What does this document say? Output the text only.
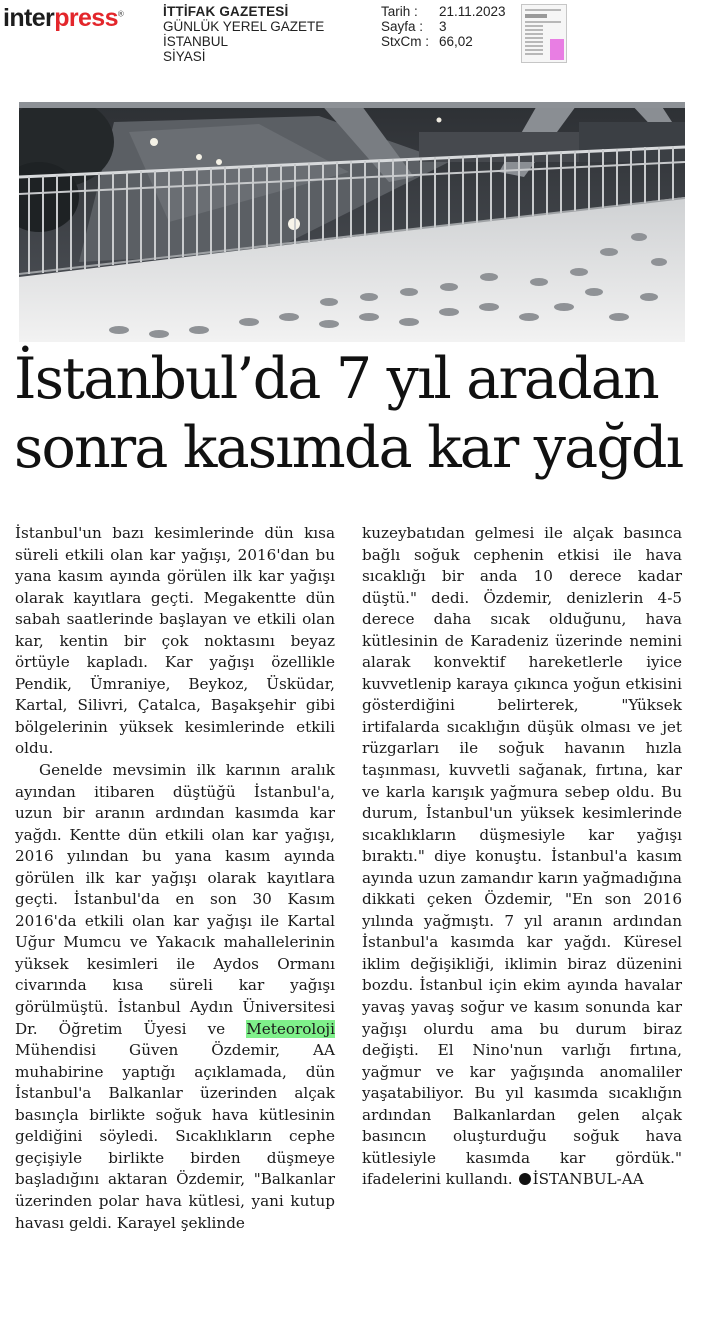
interpress®	İTTİFAK GAZETESİ
GÜNLÜK YEREL GAZETE
İSTANBUL
SİYASİ
Tarih :	21.11.2023
Sayfa :	3
StxCm : 66,02
İstanbul’da 7 yıl aradan
sonra kasımda kar yağdı

İstanbul'un bazı kesimlerinde dün kısa süreli etkili olan kar yağışı, 2016'dan bu yana kasım ayında görülen ilk kar yağışı olarak kayıtlara geçti. Megakentte dün sabah saatlerinde başlayan ve etkili olan kar, kentin bir çok noktasını beyaz örtüyle kapladı. Kar yağışı özellikle Pendik, Ümraniye, Beykoz, Üsküdar, Kartal, Silivri, Çatalca, Başakşehir gibi bölgelerinin yüksek kesimlerinde etkili oldu.

Genelde mevsimin ilk karının aralık ayından itibaren düştüğü İstanbul'a, uzun bir aranın ardından kasımda kar yağdı. Kentte dün etkili olan kar yağışı, 2016 yılından bu yana kasım ayında görülen ilk kar yağışı olarak kayıtlara geçti. İstanbul'da en son 30 Kasım 2016'da etkili olan kar yağışı ile Kartal Uğur Mumcu ve Yakacık mahallelerinin yüksek kesimleri ile Aydos Ormanı civarında kısa süreli kar yağışı görülmüştü. İstanbul Aydın Üniversitesi Dr. Öğretim Üyesi ve Meteoroloji Mühendisi Güven Özdemir, AA muhabirine yaptığı açıklamada, dün İstanbul'a Balkanlar üzerinden alçak basınçla birlikte soğuk hava kütlesinin geldiğini söyledi. Sıcaklıkların cephe geçişiyle birlikte birden düşmeye başladığını aktaran Özdemir, "Balkanlar üzerinden polar hava kütlesi, yani kutup havası geldi. Karayel şeklinde

kuzeybatıdan gelmesi ile alçak basınca bağlı soğuk cephenin etkisi ile hava sıcaklığı bir anda 10 derece kadar düştü." dedi. Özdemir, denizlerin 4-5 derece daha sıcak olduğunu, hava kütlesinin de Karadeniz üzerinde nemini alarak konvektif hareketlerle iyice kuvvetlenip karaya çıkınca yoğun etkisini gösterdiğini belirterek, "Yüksek irtifalarda sıcaklığın düşük olması ve jet rüzgarları ile soğuk havanın hızla taşınması, kuvvetli sağanak, fırtına, kar ve karla karışık yağmura sebep oldu. Bu durum, İstanbul'un yüksek kesimlerinde sıcaklıkların düşmesiyle kar yağışı bıraktı." diye konuştu. İstanbul'a kasım ayında uzun zamandır karın yağmadığına dikkati çeken Özdemir, "En son 2016 yılında yağmıştı. 7 yıl aranın ardından İstanbul'a kasımda kar yağdı. Küresel iklim değişikliği, iklimin biraz düzenini bozdu. İstanbul için ekim ayında havalar yavaş yavaş soğur ve kasım sonunda kar yağışı olurdu ama bu durum biraz değişti. El Nino'nun varlığı fırtına, yağmur ve kar yağışında anomaliler yaşatabiliyor. Bu yıl kasımda sıcaklığın ardından Balkanlardan gelen alçak basıncın oluşturduğu soğuk hava kütlesiyle kasımda kar gördük." ifadelerini kullandı. İSTANBUL-AA
